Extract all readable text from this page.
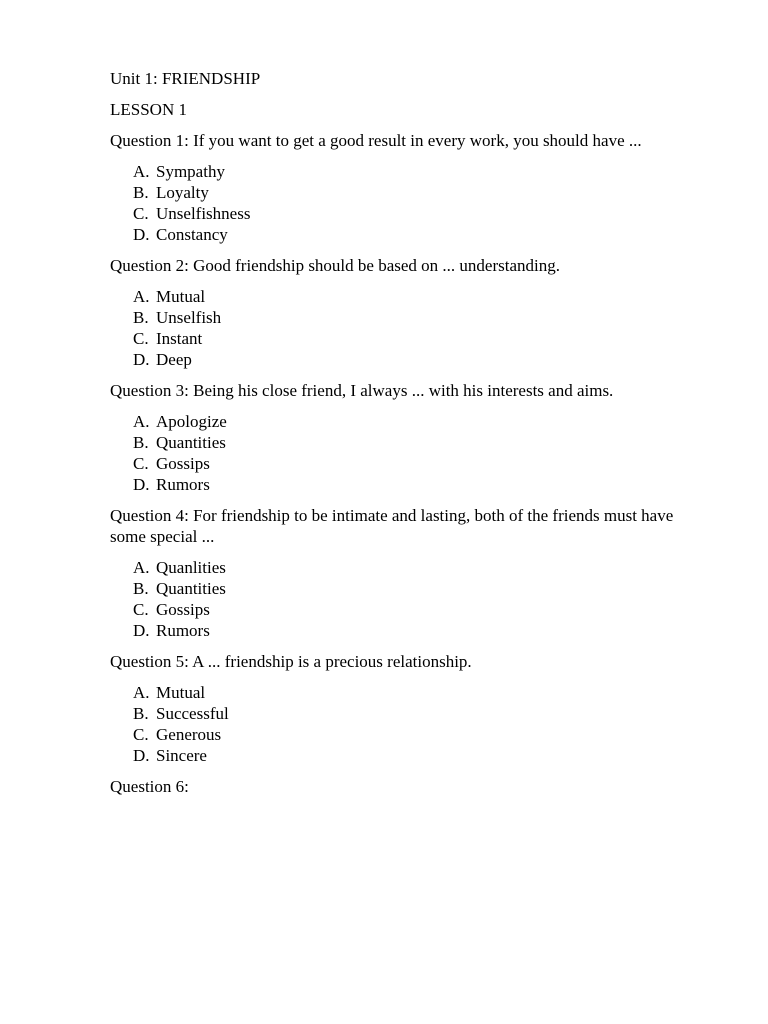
Unit 1: FRIENDSHIP

LESSON 1

Question 1: If you want to get a good result in every work, you should have ...

A. Sympathy
B. Loyalty
C. Unselfishness
D. Constancy

Question 2: Good friendship should be based on ... understanding.

A. Mutual
B. Unselfish
C. Instant
D. Deep

Question 3: Being his close friend, I always ... with his interests and aims.

A. Apologize
B. Quantities
C. Gossips
D. Rumors

Question 4: For friendship to be intimate and lasting, both of the friends must have some special ...

A. Quanlities
B. Quantities
C. Gossips
D. Rumors

Question 5: A ... friendship is a precious relationship.

A. Mutual
B. Successful
C. Generous
D. Sincere

Question 6:
